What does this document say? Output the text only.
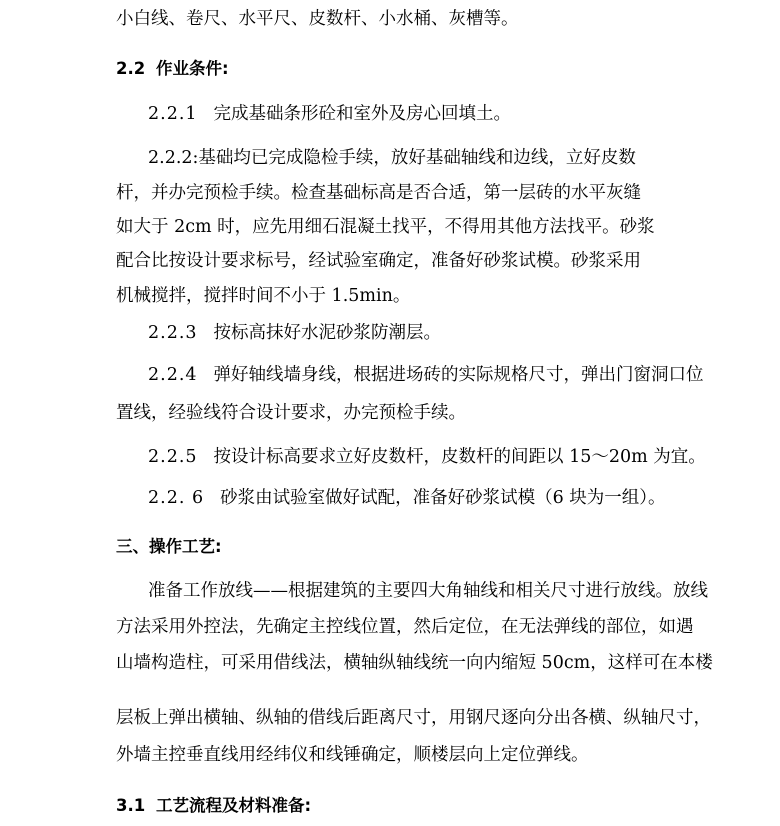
小白线、卷尺、水平尺、皮数杆、小水桶、灰槽等。
2.2 作业条件:
2.2.1 完成基础条形砼和室外及房心回填土。
2.2.2:基础均已完成隐检手续，放好基础轴线和边线，立好皮数
杆，并办完预检手续。检查基础标高是否合适，第一层砖的水平灰缝
如大于 2cm 时，应先用细石混凝土找平，不得用其他方法找平。砂浆
配合比按设计要求标号，经试验室确定，准备好砂浆试模。砂浆采用
机械搅拌，搅拌时间不小于 1.5min。
2.2.3 按标高抹好水泥砂浆防潮层。
2.2.4 弹好轴线墙身线，根据进场砖的实际规格尺寸，弹出门窗洞口位
置线，经验线符合设计要求，办完预检手续。
2.2.5 按设计标高要求立好皮数杆，皮数杆的间距以 15～20m 为宜。
2.2. 6 砂浆由试验室做好试配，准备好砂浆试模（6 块为一组）。
三、操作工艺:
准备工作放线——根据建筑的主要四大角轴线和相关尺寸进行放线。放线
方法采用外控法，先确定主控线位置，然后定位，在无法弹线的部位，如遇
山墙构造柱，可采用借线法，横轴纵轴线统一向内缩短 50cm，这样可在本楼
层板上弹出横轴、纵轴的借线后距离尺寸，用钢尺逐向分出各横、纵轴尺寸，
外墙主控垂直线用经纬仪和线锤确定，顺楼层向上定位弹线。
3.1 工艺流程及材料准备:
